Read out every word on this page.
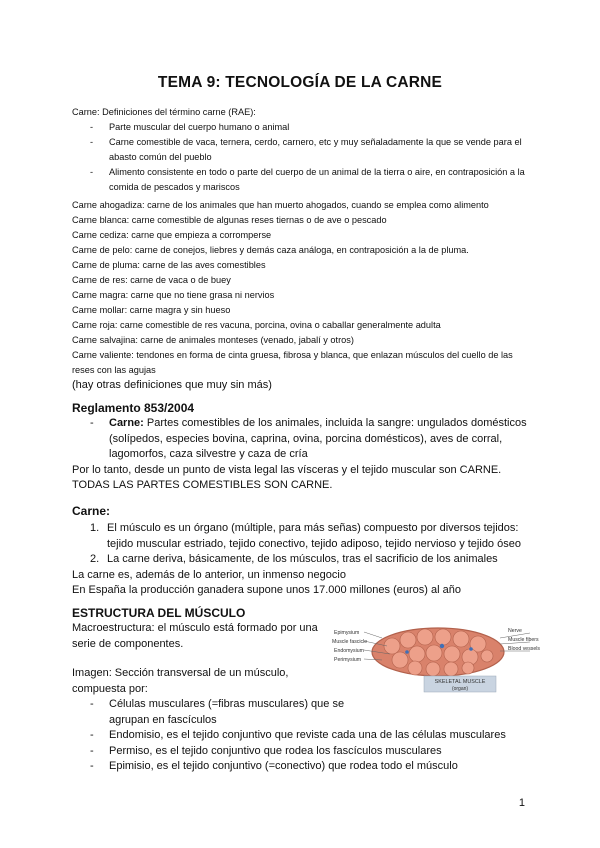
TEMA 9: TECNOLOGÍA DE LA CARNE
Carne: Definiciones del término carne (RAE):
- Parte muscular del cuerpo humano o animal
- Carne comestible de vaca, ternera, cerdo, carnero, etc y muy señaladamente la que se vende para el abasto común del pueblo
- Alimento consistente en todo o parte del cuerpo de un animal de la tierra o aire, en contraposición a la comida de pescados y mariscos
Carne ahogadiza: carne de los animales que han muerto ahogados, cuando se emplea como alimento
Carne blanca: carne comestible de algunas reses tiernas o de ave o pescado
Carne cediza: carne que empieza a corromperse
Carne de pelo: carne de conejos, liebres y demás caza análoga, en contraposición a la de pluma.
Carne de pluma: carne de las aves comestibles
Carne de res: carne de vaca o de buey
Carne magra: carne que no tiene grasa ni nervios
Carne mollar: carne magra y sin hueso
Carne roja: carne comestible de res vacuna, porcina, ovina o caballar generalmente adulta
Carne salvajina: carne de animales monteses (venado, jabalí y otros)
Carne valiente: tendones en forma de cinta gruesa, fibrosa y blanca, que enlazan músculos del cuello de las reses con las agujas
(hay otras definiciones que muy sin más)
Reglamento 853/2004
- Carne: Partes comestibles de los animales, incluida la sangre: ungulados domésticos (solípedos, especies bovina, caprina, ovina, porcina domésticos), aves de corral, lagomorfos, caza silvestre y caza de cría
Por lo tanto, desde un punto de vista legal las vísceras y el tejido muscular son CARNE.
TODAS LAS PARTES COMESTIBLES SON CARNE.
Carne:
1. El músculo es un órgano (múltiple, para más señas) compuesto por diversos tejidos: tejido muscular estriado, tejido conectivo, tejido adiposo, tejido nervioso y tejido óseo
2. La carne deriva, básicamente, de los músculos, tras el sacrificio de los animales
La carne es, además de lo anterior, un inmenso negocio
En España la producción ganadera supone unos 17.000 millones (euros) al año
ESTRUCTURA DEL MÚSCULO
Macroestructura: el músculo está formado por una serie de componentes.
Imagen: Sección transversal de un músculo, compuesta por:
- Células musculares (=fibras musculares) que se agrupan en fascículos
- Endomisio, es el tejido conjuntivo que reviste cada una de las células musculares
- Permiso, es el tejido conjuntivo que rodea los fascículos musculares
- Epimisio, es el tejido conjuntivo (=conectivo) que rodea todo el músculo
Epimysium
Muscle fascicle
Endomysium
Perimysium
Nerve
Muscle fibers
Blood vessels
SKELETAL MUSCLE
(organ)
1
